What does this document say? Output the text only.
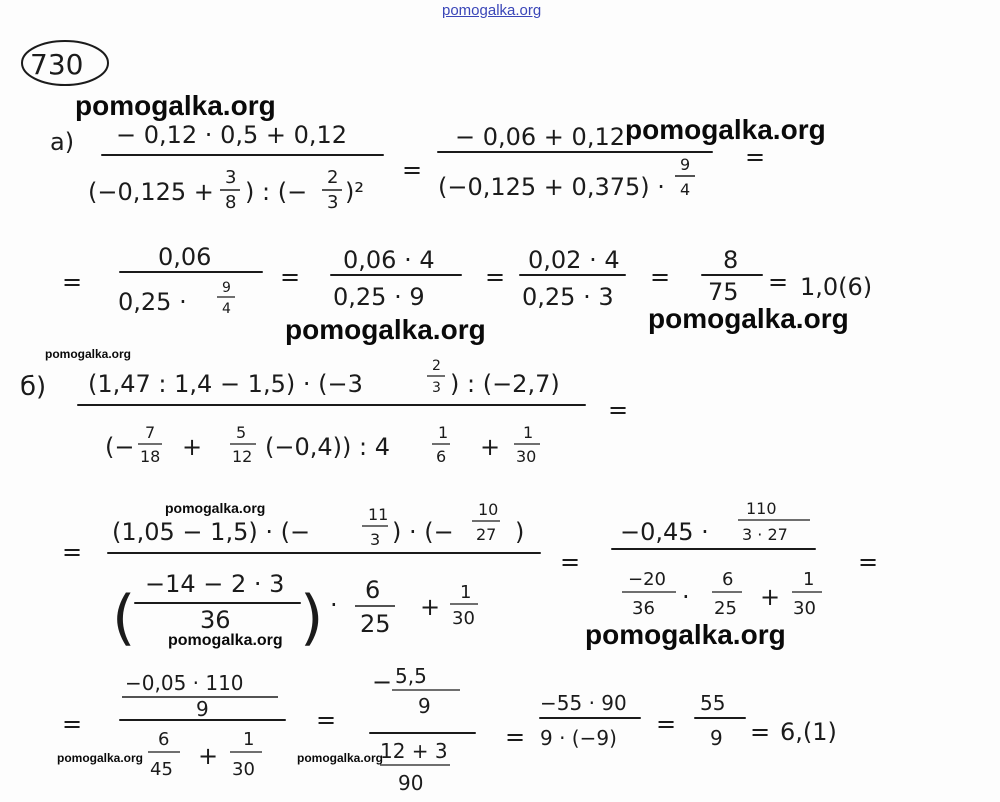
pomogalka.org
730
a) − 0,12 · 0,5 + 0,12
(−0,125 +
3
8 ) : (−
2
3 )²
=
− 0,06 + 0,12
(−0,125 + 0,375) ·
9
4
=
=
0,06
0,25 ·	9
4
=
0,06 · 4
0,25 · 9
=
0,02 · 4
0,25 · 3
=
8
75 = 1,0(6)
б) (1,47 : 1,4 − 1,5) · (−3
2
3 ) : (−2,7)
(−
7
18 +
5
12 (−0,4)) : 4
1
6 +
1
30
=
=
(1,05 − 1,5) · (−
11
3 ) · (−
10
27 )
( −14 − 2 · 3
36 ) ·
6
25
+
1
30
=
−0,45 ·
110
3 · 27
−20
36 ·
6
25 +
1
30
=
=
−0,05 · 110
9
6
45 +
1
30
=
− 5,5
9
12 + 3
90
=
−55 · 90
9 · (−9) =
55
9 = 6,(1)
pomogalka.org
pomogalka.org
pomogalka.org	pomogalka.org
pomogalka.org
pomogalka.org
pomogalka.org	pomogalka.org
pomogalka.org	pomogalka.org
